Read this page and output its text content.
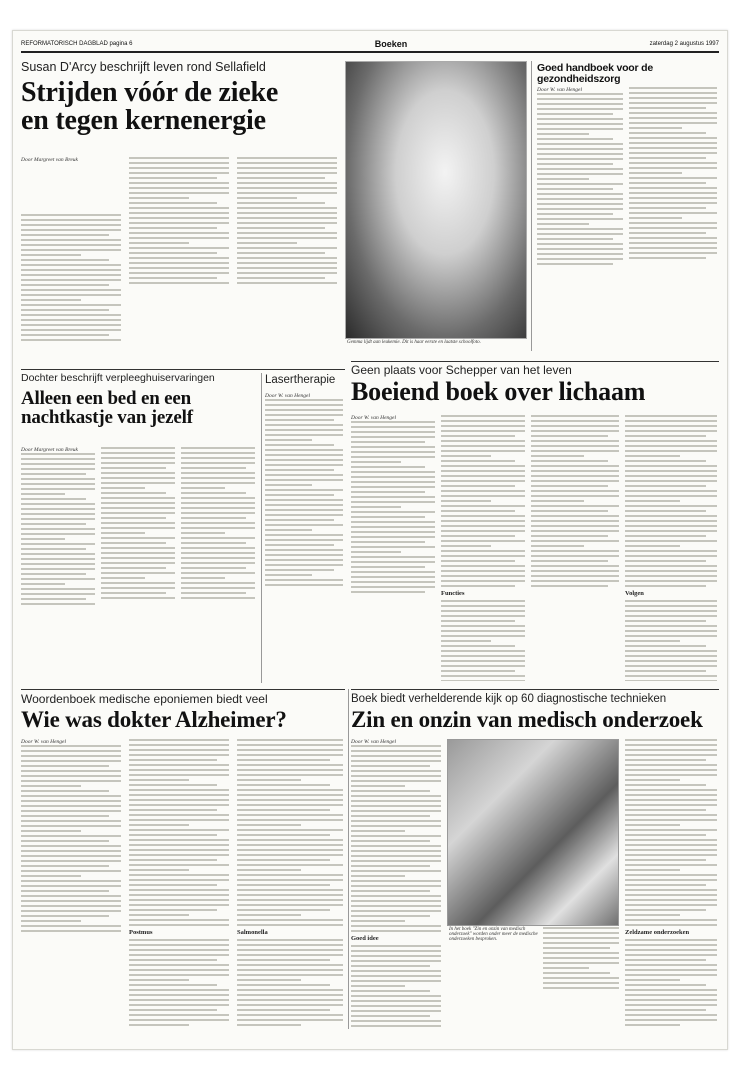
REFORMATORISCH DAGBLAD pagina 6	Boeken	zaterdag 2 augustus 1997
Susan D'Arcy beschrijft leven rond Sellafield
Strijden vóór de zieke
en tegen kernenergie
Door Margreet van Breuk
Gemma lijdt aan leukemie. Dit is haar eerste en laatste schoolfoto.
Goed handboek voor de gezondheidszorg
Door W. van Hengel
Dochter beschrijft verpleeghuiservaringen
Alleen een bed en een
nachtkastje van jezelf
Door Margreet van Breuk
Lasertherapie
Door W. van Hengel
Geen plaats voor Schepper van het leven
Boeiend boek over lichaam
Door W. van Hengel
Functies	Volgen
Woordenboek medische eponiemen biedt veel
Wie was dokter Alzheimer?
Door W. van Hengel
Postmus	Salmonella
Boek biedt verhelderende kijk op 60 diagnostische technieken
Zin en onzin van medisch onderzoek
Door W. van Hengel
Goed idee
In het boek "Zin en onzin van medisch onderzoek" worden onder meer de medische onderzoeken besproken.
Zeldzame onderzoeken
